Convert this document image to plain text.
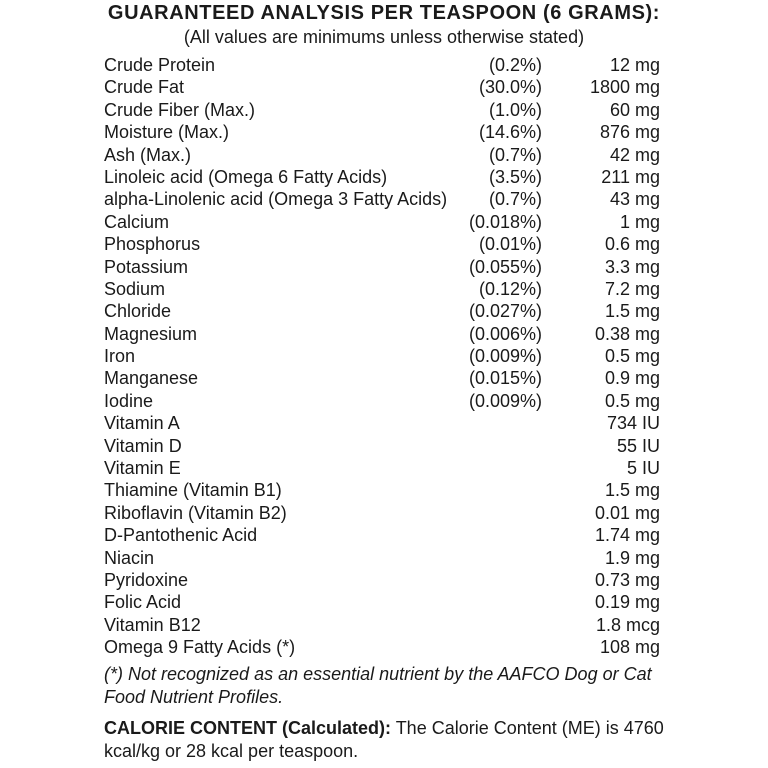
GUARANTEED ANALYSIS PER TEASPOON (6 GRAMS):
(All values are minimums unless otherwise stated)
Crude Protein	(0.2%)	12 mg
Crude Fat	(30.0%)	1800 mg
Crude Fiber (Max.)	(1.0%)	60 mg
Moisture (Max.)	(14.6%)	876 mg
Ash (Max.)	(0.7%)	42 mg
Linoleic acid (Omega 6 Fatty Acids)	(3.5%)	211 mg
alpha-Linolenic acid (Omega 3 Fatty Acids) (0.7%)	43 mg
Calcium	(0.018%)	1 mg
Phosphorus	(0.01%)	0.6 mg
Potassium	(0.055%)	3.3 mg
Sodium	(0.12%)	7.2 mg
Chloride	(0.027%)	1.5 mg
Magnesium	(0.006%)	0.38 mg
Iron	(0.009%)	0.5 mg
Manganese	(0.015%)	0.9 mg
Iodine	(0.009%)	0.5 mg
Vitamin A	734 IU
Vitamin D	55 IU
Vitamin E	5 IU
Thiamine (Vitamin B1)	1.5 mg
Riboflavin (Vitamin B2)	0.01 mg
D-Pantothenic Acid	1.74 mg
Niacin	1.9 mg
Pyridoxine	0.73 mg
Folic Acid	0.19 mg
Vitamin B12	1.8 mcg
Omega 9 Fatty Acids (*)	108 mg
(*) Not recognized as an essential nutrient by the AAFCO Dog or Cat Food Nutrient Profiles.
CALORIE CONTENT (Calculated): The Calorie Content (ME) is 4760 kcal/kg or 28 kcal per teaspoon.
